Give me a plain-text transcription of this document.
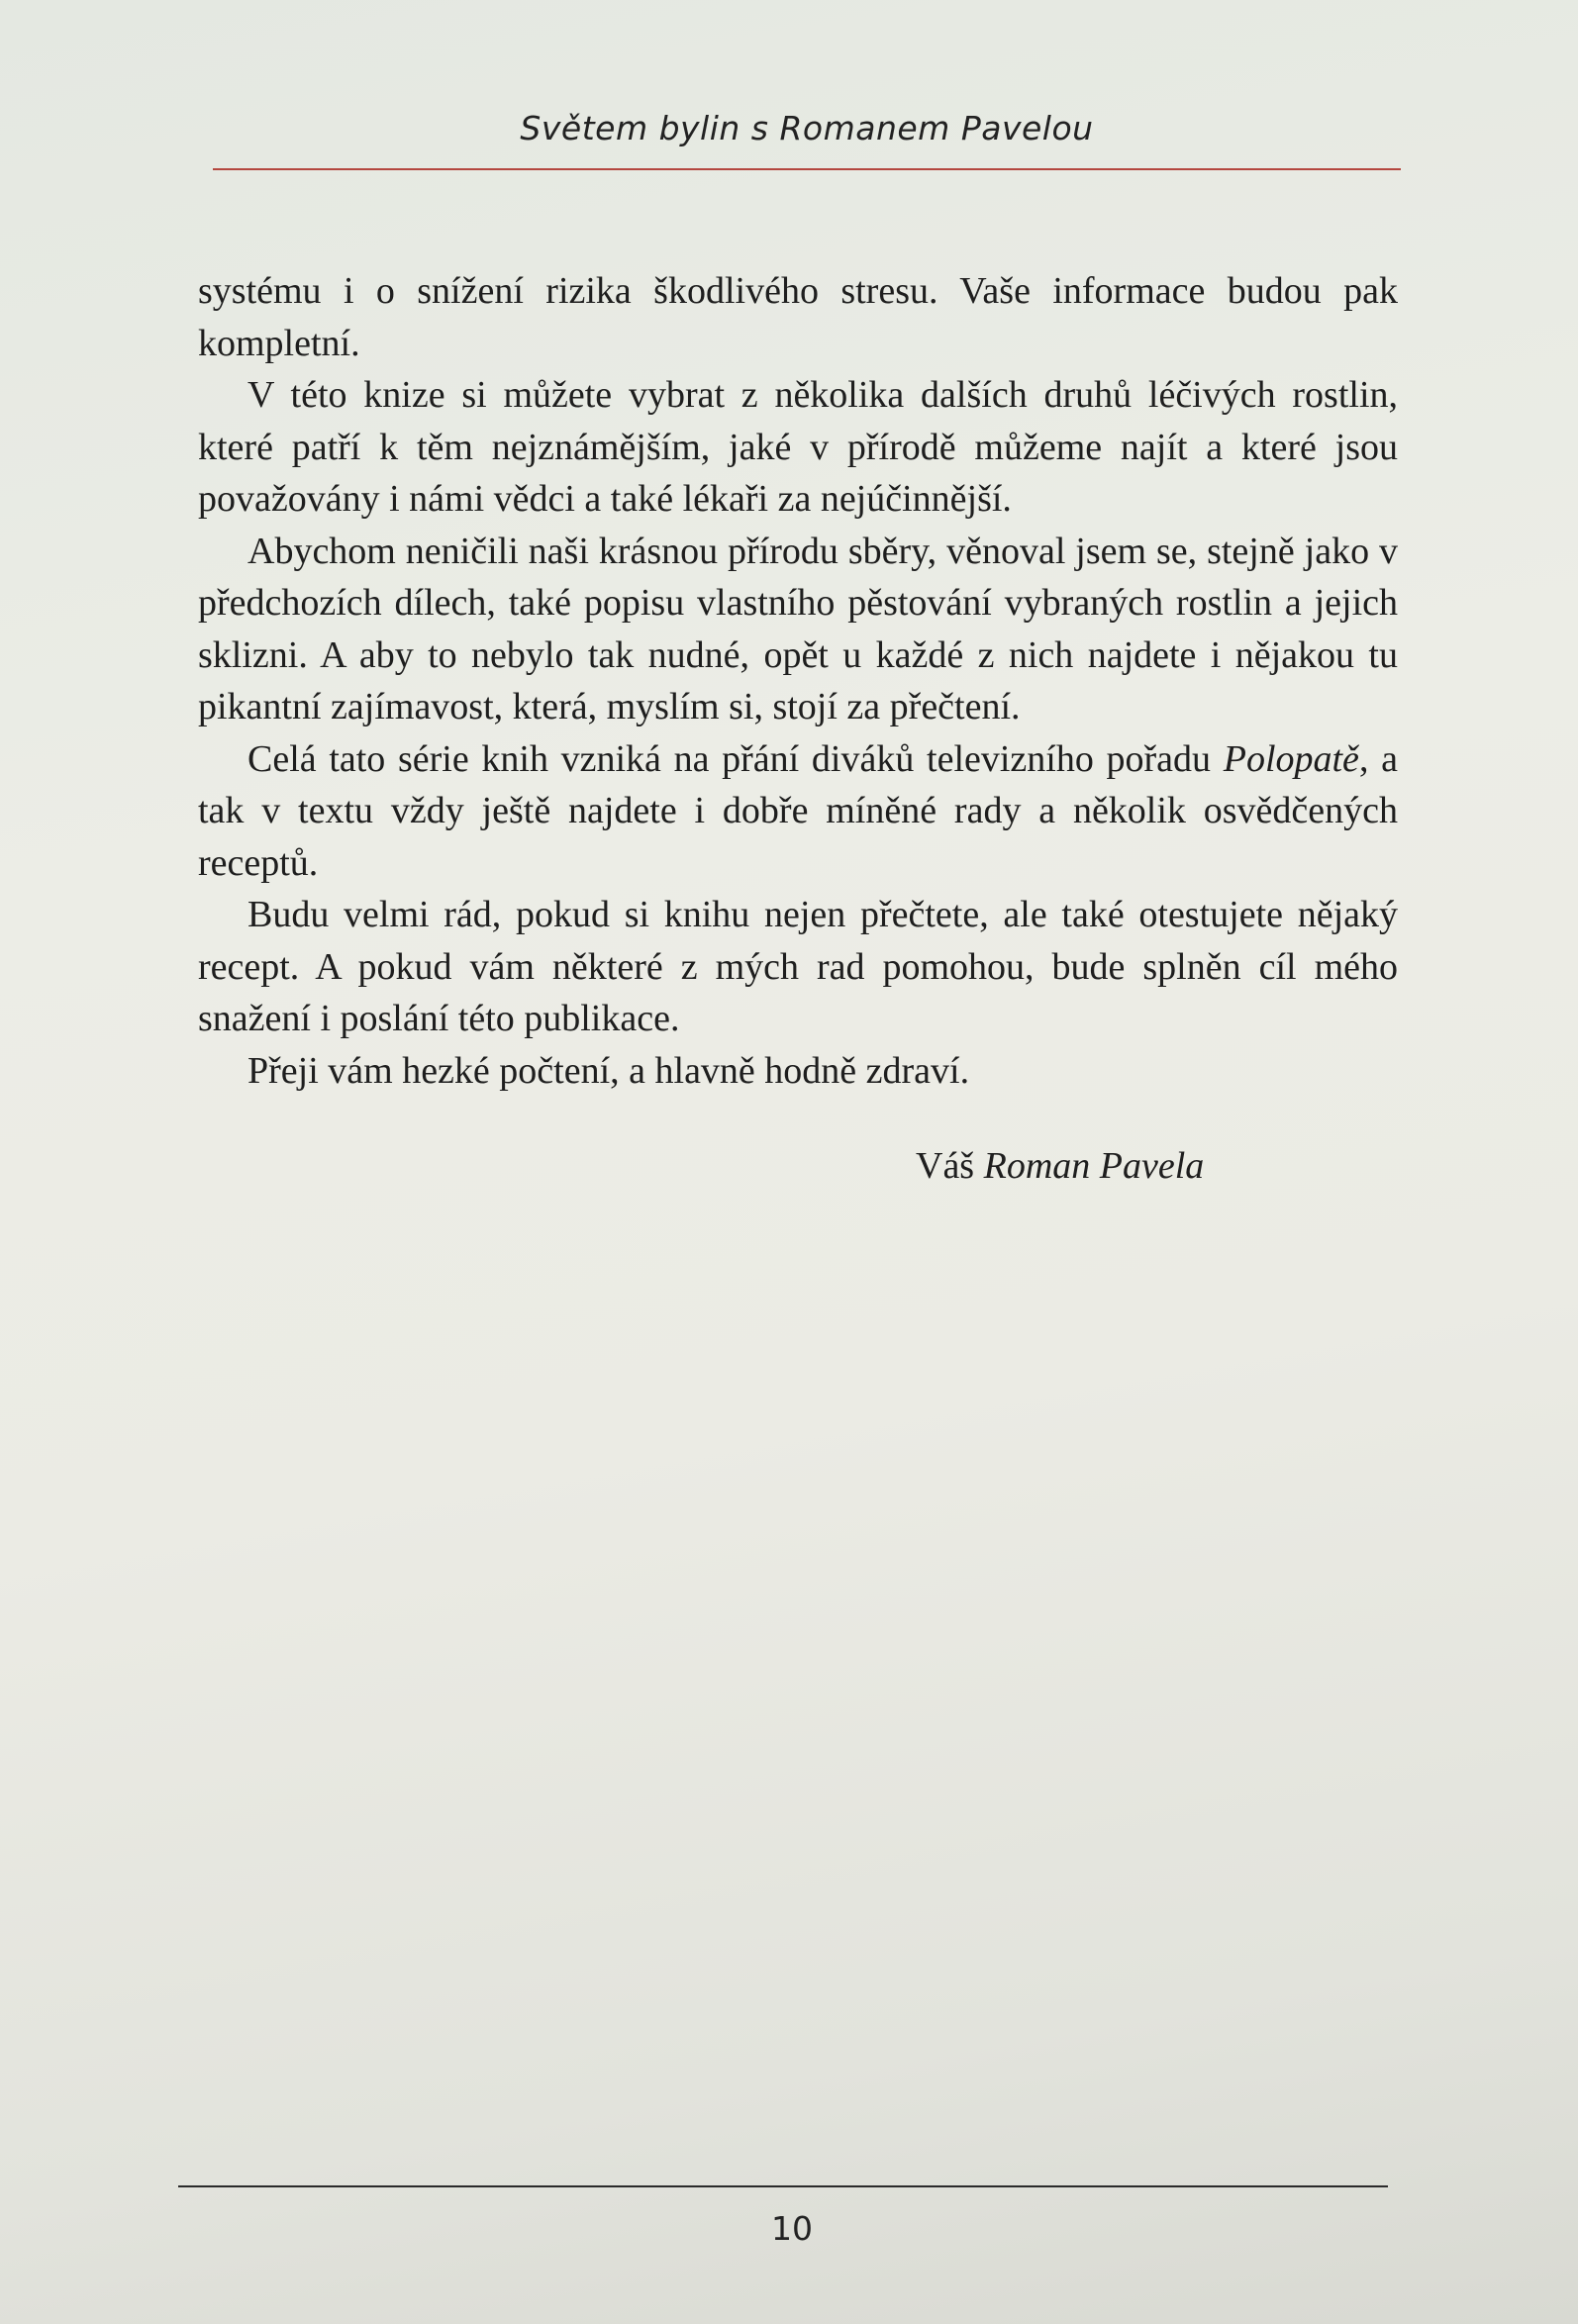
Světem bylin s Romanem Pavelou

systému i o snížení rizika škodlivého stresu. Vaše informace budou pak kompletní.

V této knize si můžete vybrat z několika dalších druhů léčivých rostlin, které patří k těm nejznámějším, jaké v přírodě můžeme najít a které jsou považovány i námi vědci a také lékaři za nejúčinnější.

Abychom neničili naši krásnou přírodu sběry, věnoval jsem se, stejně jako v předchozích dílech, také popisu vlastního pěstování vybraných rostlin a jejich sklizni. A aby to nebylo tak nudné, opět u každé z nich najdete i nějakou tu pikantní zajímavost, která, myslím si, stojí za přečtení.

Celá tato série knih vzniká na přání diváků televizního pořadu Polopatě, a tak v textu vždy ještě najdete i dobře míněné rady a několik osvědčených receptů.

Budu velmi rád, pokud si knihu nejen přečtete, ale také otestujete nějaký recept. A pokud vám některé z mých rad pomohou, bude splněn cíl mého snažení i poslání této publikace.

Přeji vám hezké počtení, a hlavně hodně zdraví.

Váš Roman Pavela
10
